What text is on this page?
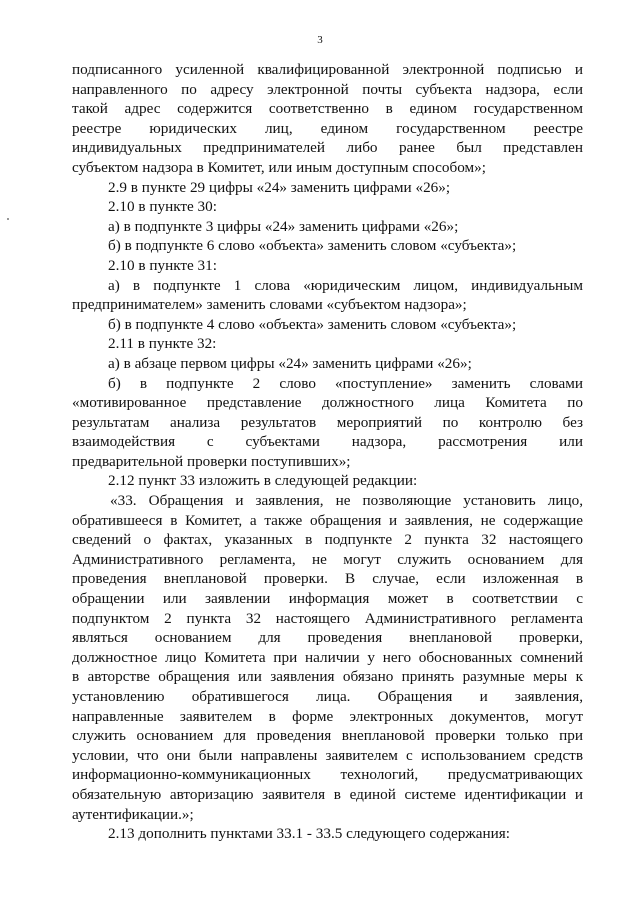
3
подписанного усиленной квалифицированной электронной подписью и
направленного по адресу электронной почты субъекта надзора, если
такой адрес содержится соответственно в едином государственном
реестре юридических лиц, едином государственном реестре
индивидуальных предпринимателей либо ранее был представлен
субъектом надзора в Комитет, или иным доступным способом»;
2.9 в пункте 29 цифры «24» заменить цифрами «26»;
2.10 в пункте 30:
а) в подпункте 3 цифры «24» заменить цифрами «26»;
б) в подпункте 6 слово «объекта» заменить словом «субъекта»;
2.10 в пункте 31:
а) в подпункте 1 слова «юридическим лицом, индивидуальным
предпринимателем» заменить словами «субъектом надзора»;
б) в подпункте 4 слово «объекта» заменить словом «субъекта»;
2.11 в пункте 32:
а) в абзаце первом цифры «24» заменить цифрами «26»;
б) в подпункте 2 слово «поступление» заменить словами
«мотивированное представление должностного лица Комитета по
результатам анализа результатов мероприятий по контролю без
взаимодействия с субъектами надзора, рассмотрения или
предварительной проверки поступивших»;
2.12 пункт 33 изложить в следующей редакции:
«33. Обращения и заявления, не позволяющие установить лицо,
обратившееся в Комитет, а также обращения и заявления, не содержащие
сведений о фактах, указанных в подпункте 2 пункта 32 настоящего
Административного регламента, не могут служить основанием для
проведения внеплановой проверки. В случае, если изложенная в
обращении или заявлении информация может в соответствии с
подпунктом 2 пункта 32 настоящего Административного регламента
являться основанием для проведения внеплановой проверки,
должностное лицо Комитета при наличии у него обоснованных сомнений
в авторстве обращения или заявления обязано принять разумные меры к
установлению обратившегося лица. Обращения и заявления,
направленные заявителем в форме электронных документов, могут
служить основанием для проведения внеплановой проверки только при
условии, что они были направлены заявителем с использованием средств
информационно-коммуникационных технологий, предусматривающих
обязательную авторизацию заявителя в единой системе идентификации и
аутентификации.»;
2.13 дополнить пунктами 33.1 - 33.5 следующего содержания:
